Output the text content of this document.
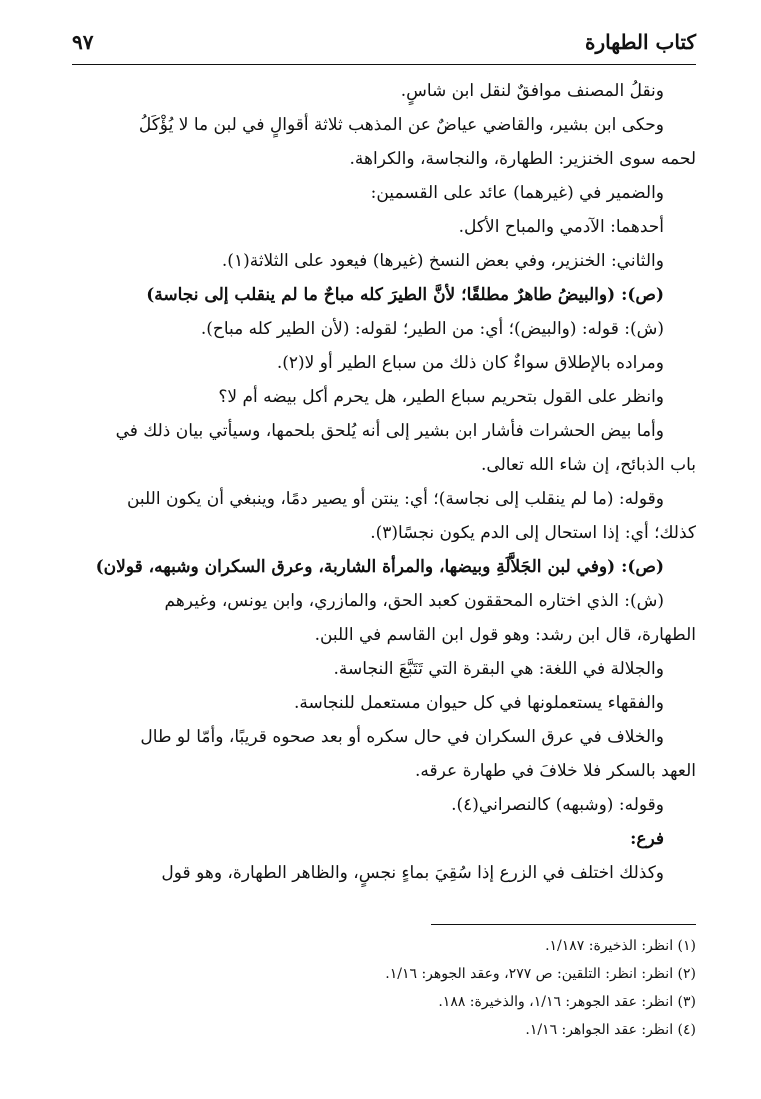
كتاب الطهارة
٩٧
ونقلُ المصنف موافقٌ لنقل ابن شاسٍ.
وحكى ابن بشير، والقاضي عياضٌ عن المذهب ثلاثة أقوالٍ في لبن ما لا يُؤْكَلُ
لحمه سوى الخنزير: الطهارة، والنجاسة، والكراهة.
والضمير في (غيرهما) عائد على القسمين:
أحدهما: الآدمي والمباح الأكل.
والثاني: الخنزير، وفي بعض النسخ (غيرها) فيعود على الثلاثة(١).
(ص): (والبيضُ طاهرٌ مطلقًا؛ لأنَّ الطيرَ كله مباحٌ ما لم ينقلب إلى نجاسة)
(ش): قوله: (والبيض)؛ أي: من الطير؛ لقوله: (لأن الطير كله مباح).
ومراده بالإطلاق سواءٌ كان ذلك من سباع الطير أو لا(٢).
وانظر على القول بتحريم سباع الطير، هل يحرم أكل بيضه أم لا؟
وأما بيض الحشرات فأشار ابن بشير إلى أنه يُلحق بلحمها، وسيأتي بيان ذلك في
باب الذبائح، إن شاء الله تعالى.
وقوله: (ما لم ينقلب إلى نجاسة)؛ أي: ينتن أو يصير دمًا، وينبغي أن يكون اللبن
كذلك؛ أي: إذا استحال إلى الدم يكون نجسًا(٣).
(ص): (وفي لبن الجَلاَّلَةِ وبيضها، والمرأة الشاربة، وعرق السكران وشبهه، قولان)
(ش): الذي اختاره المحققون كعبد الحق، والمازري، وابن يونس، وغيرهم
الطهارة، قال ابن رشد: وهو قول ابن القاسم في اللبن.
والجلالة في اللغة: هي البقرة التي تَتَبَّعَ النجاسة.
والفقهاء يستعملونها في كل حيوان مستعمل للنجاسة.
والخلاف في عرق السكران في حال سكره أو بعد صحوه قريبًا، وأمّا لو طال
العهد بالسكر فلا خلافَ في طهارة عرقه.
وقوله: (وشبهه) كالنصراني(٤).
فرع:
وكذلك اختلف في الزرع إذا سُقِيَ بماءٍ نجسٍ، والظاهر الطهارة، وهو قول
(١) انظر: الذخيرة: ١/١٨٧.
(٢) انظر: انظر: التلقين: ص ٢٧٧، وعقد الجوهر: ١/١٦.
(٣) انظر: عقد الجوهر: ١/١٦، والذخيرة: ١٨٨.
(٤) انظر: عقد الجواهر: ١/١٦.
